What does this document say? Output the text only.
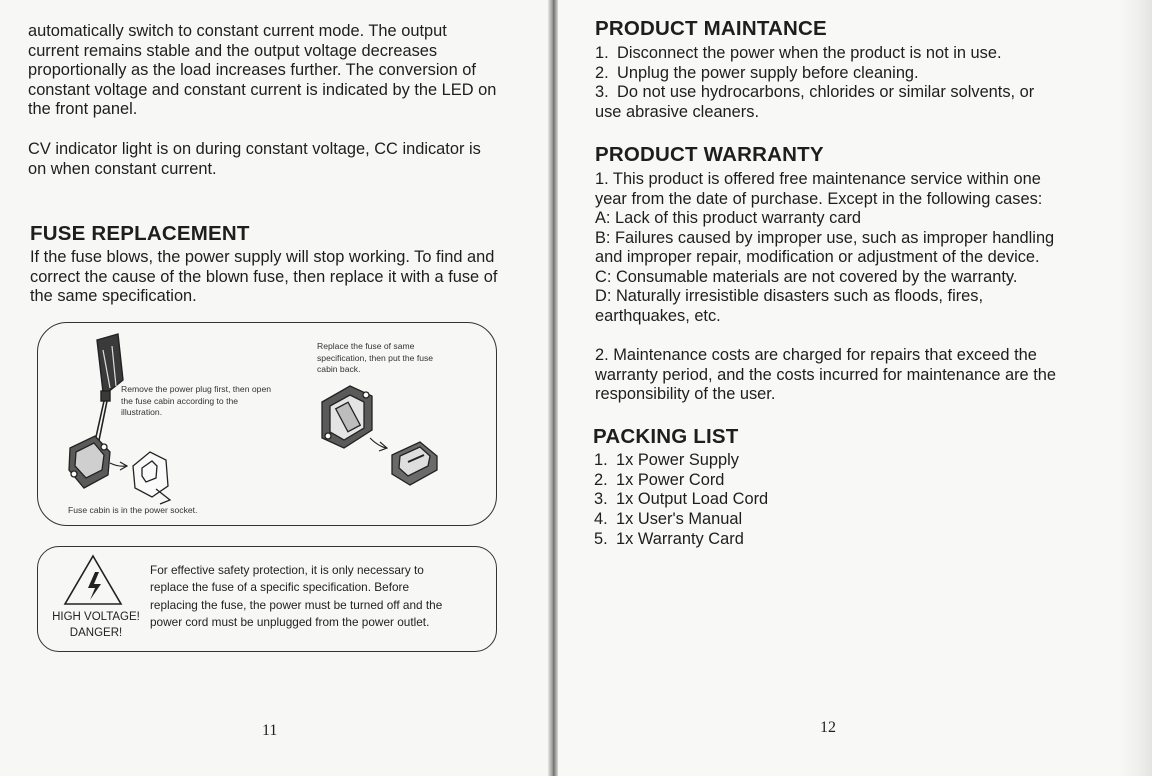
automatically switch to constant current mode. The output
current remains stable and the output voltage decreases
proportionally as the load increases further. The conversion of
constant voltage and constant current is indicated by the LED on
the front panel.

CV indicator light is on during constant voltage, CC indicator is
on when constant current.

FUSE REPLACEMENT

If the fuse blows, the power supply will stop working. To find and
correct the cause of the blown fuse, then replace it with a fuse of
the same specification.

Remove the power plug first, then open
the fuse cabin according to the
illustration.

Replace the fuse of same
specification, then put the fuse
cabin back.

Fuse cabin is in the power socket.

HIGH VOLTAGE!
DANGER!

For effective safety protection, it is only necessary to
replace the fuse of a specific specification. Before
replacing the fuse, the power must be turned off and the
power cord must be unplugged from the power outlet.

11
PRODUCT MAINTANCE
1. Disconnect the power when the product is not in use.
2. Unplug the power supply before cleaning.
3. Do not use hydrocarbons, chlorides or similar solvents, or

use abrasive cleaners.

PRODUCT WARRANTY

1. This product is offered free maintenance service within one
year from the date of purchase. Except in the following cases:
A: Lack of this product warranty card
B: Failures caused by improper use, such as improper handling
and improper repair, modification or adjustment of the device.
C: Consumable materials are not covered by the warranty.
D: Naturally irresistible disasters such as floods, fires,
earthquakes, etc.

2. Maintenance costs are charged for repairs that exceed the
warranty period, and the costs incurred for maintenance are the
responsibility of the user.

PACKING LIST
1. 1x Power Supply
2. 1x Power Cord
3. 1x Output Load Cord
4. 1x User's Manual
5. 1x Warranty Card
12
